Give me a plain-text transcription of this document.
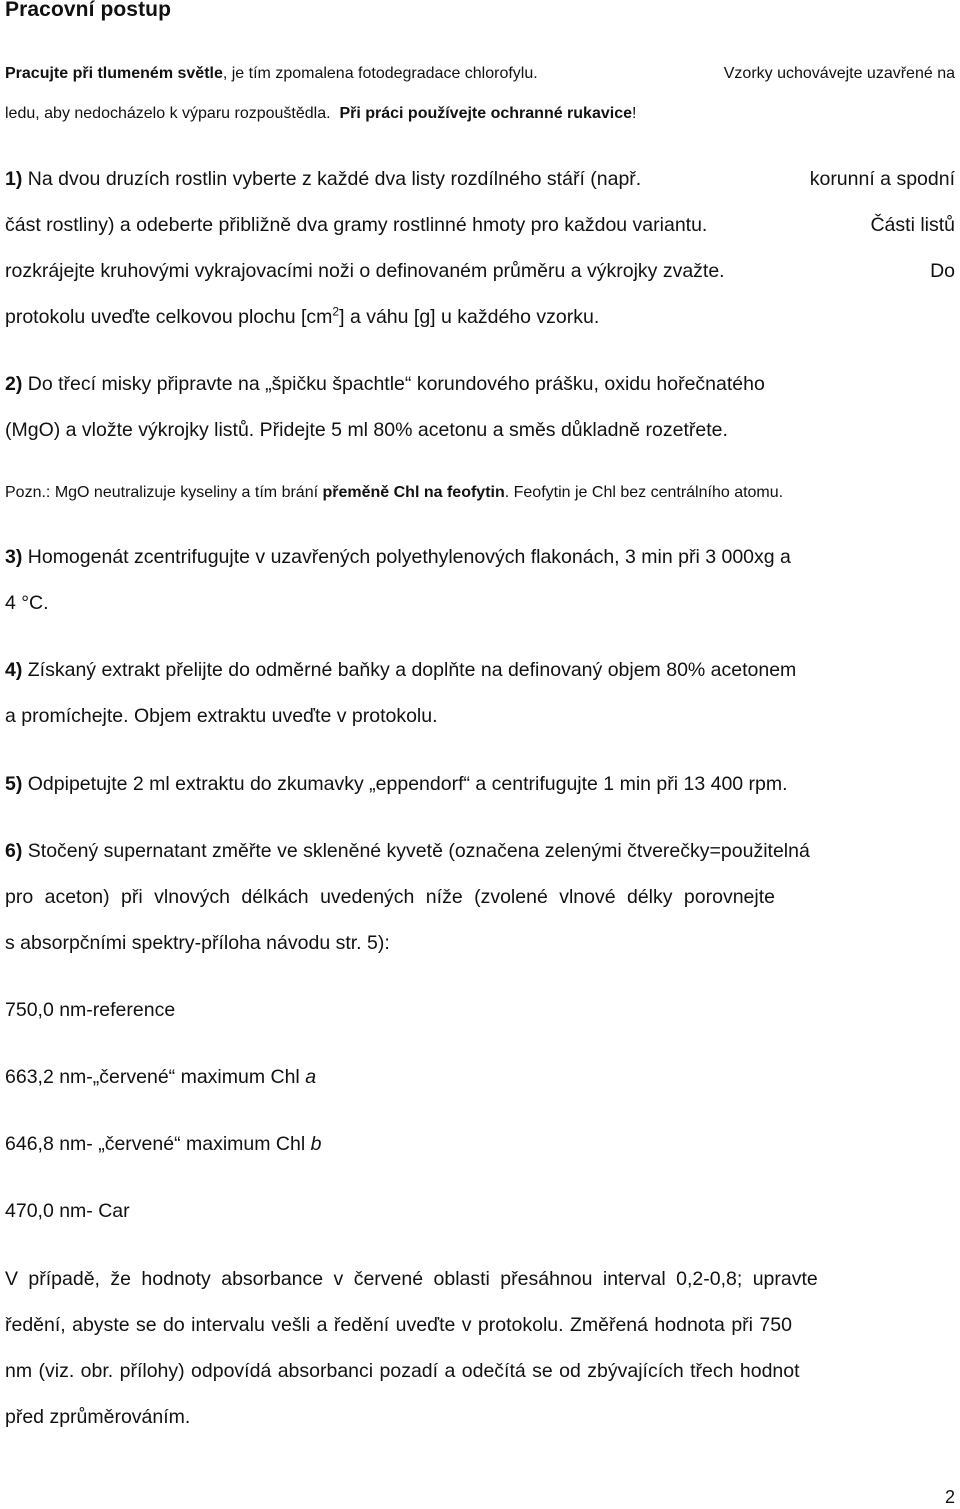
Pracovní postup

Pracujte při tlumeném světle, je tím zpomalena fotodegradace chlorofylu.	Vzorky uchovávejte uzavřené na

ledu, aby nedocházelo k výparu rozpouštědla. Při práci používejte ochranné rukavice!

1) Na dvou druzích rostlin vyberte z každé dva listy rozdílného stáří (např.	korunní a spodní
část rostliny) a odeberte přibližně dva gramy rostlinné hmoty pro každou variantu.	Části listů
rozkrájejte kruhovými vykrajovacími noži o definovaném průměru a výkrojky zvažte.	Do

protokolu uveďte celkovou plochu $[cm^2]$ a váhu [g] u každého vzorku.

2) Do třecí misky připravte na „špičku špachtle“ korundového prášku, oxidu hořečnatého

(MgO) a vložte výkrojky listů. Přidejte 5 ml 80% acetonu a směs důkladně rozetřete.

Pozn.: MgO neutralizuje kyseliny a tím brání přeměně Chl na feofytin. Feofytin je Chl bez centrálního atomu.

3) Homogenát zcentrifugujte v uzavřených polyethylenových flakonách, 3 min při 3 000xg a

4 °C.

4) Získaný extrakt přelijte do odměrné baňky a doplňte na definovaný objem 80% acetonem

a promíchejte. Objem extraktu uveďte v protokolu.

5) Odpipetujte 2 ml extraktu do zkumavky „eppendorf“ a centrifugujte 1 min při 13 400 rpm.

6) Stočený supernatant změřte ve skleněné kyvetě (označena zelenými čtverečky=použitelná

pro aceton) při vlnových délkách uvedených níže (zvolené vlnové délky porovnejte

s absorpčními spektry-příloha návodu str. 5):

750,0 nm-reference

663,2 nm-„červené“ maximum Chl a

646,8 nm- „červené“ maximum Chl b

470,0 nm- Car

V případě, že hodnoty absorbance v červené oblasti přesáhnou interval 0,2-0,8; upravte

ředění, abyste se do intervalu vešli a ředění uveďte v protokolu. Změřená hodnota při 750

nm (viz. obr. přílohy) odpovídá absorbanci pozadí a odečítá se od zbývajících třech hodnot

před zprůměrováním.

2
